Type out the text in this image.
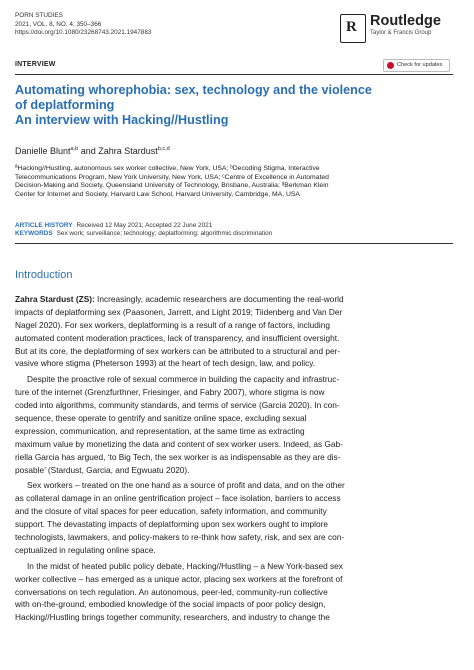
PORN STUDIES
2021, VOL. 8, NO. 4, 350–366
https://doi.org/10.1080/23268743.2021.1947883	R Routledge
Taylor & Francis Group
INTERVIEW	Check for updates
Automating whorephobia: sex, technology and the violence
of deplatforming
An interview with Hacking//Hustling
Danielle Blunt$^{a,b}$ and Zahra Stardust$^{b,c,d}$
ªHacking//Hustling, autonomous sex worker collective, New York, USA; ᵇDecoding Stigma, Interactive
Telecommunications Program, New York University, New York, USA; ᶜCentre of Excellence in Automated
Decision-Making and Society, Queensland University of Technology, Brisbane, Australia; ᵈBerkman Klein
Center for Internet and Society, Harvard Law School, Harvard University, Cambridge, MA, USA
ARTICLE HISTORY Received 12 May 2021; Accepted 22 June 2021
KEYWORDS Sex work; surveillance; technology; deplatforming; algorithmic discrimination
Introduction
Zahra Stardust (ZS): Increasingly, academic researchers are documenting the real-world
impacts of deplatforming sex (Paasonen, Jarrett, and Light 2019; Tiidenberg and Van Der
Nagel 2020). For sex workers, deplatforming is a result of a range of factors, including
automated content moderation practices, lack of transparency, and insufficient oversight.
But at its core, the deplatforming of sex workers can be attributed to a structural and per-
vasive whore stigma (Pheterson 1993) at the heart of tech design, law, and policy.
Despite the proactive role of sexual commerce in building the capacity and infrastruc-
ture of the internet (Grenzfurthner, Friesinger, and Fabry 2007), whore stigma is now
coded into algorithms, community standards, and terms of service (Garcia 2020). In con-
sequence, these operate to gentrify and sanitize online space, excluding sexual
expression, communication, and representation, at the same time as extracting
maximum value by monetizing the data and content of sex worker users. Indeed, as Gab-
riella Garcia has argued, ‘to Big Tech, the sex worker is as indispensable as they are dis-
posable’ (Stardust, Garcia, and Egwuatu 2020).
Sex workers – treated on the one hand as a source of profit and data, and on the other
as collateral damage in an online gentrification project – face isolation, barriers to access
and the closure of vital spaces for peer education, safety information, and community
support. The devastating impacts of deplatforming upon sex workers ought to implore
technologists, lawmakers, and policy-makers to re-think how safety, risk, and sex are con-
ceptualized in regulating online space.
In the midst of heated public policy debate, Hacking//Hustling – a New York-based sex
worker collective – has emerged as a unique actor, placing sex workers at the forefront of
conversations on tech regulation. An autonomous, peer-led, community-run collective
with on-the-ground, embodied knowledge of the social impacts of poor policy design,
Hacking//Hustling brings together community, researchers, and industry to change the
